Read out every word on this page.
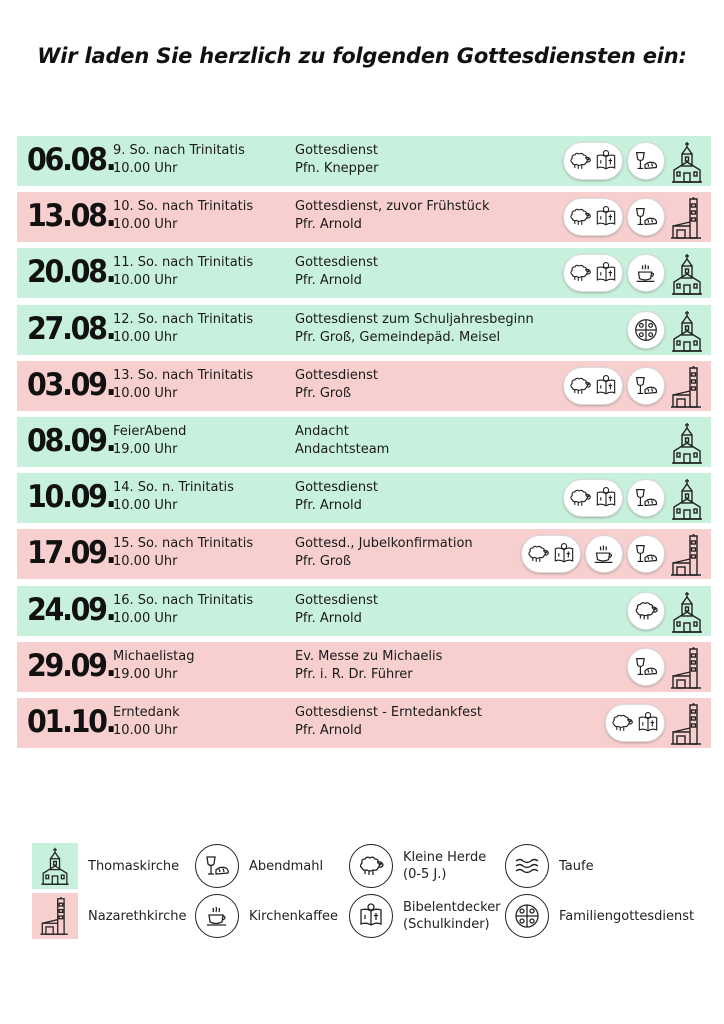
Wir laden Sie herzlich zu folgenden Gottesdiensten ein:
06.08.
9. So. nach Trinitatis
10.00 Uhr
Gottesdienst
Pfn. Knepper
13.08.
10. So. nach Trinitatis
10.00 Uhr
Gottesdienst, zuvor Frühstück
Pfr. Arnold
20.08.
11. So. nach Trinitatis
10.00 Uhr
Gottesdienst
Pfr. Arnold
27.08.
12. So. nach Trinitatis
10.00 Uhr
Gottesdienst zum Schuljahresbeginn
Pfr. Groß, Gemeindepäd. Meisel
03.09.
13. So. nach Trinitatis
10.00 Uhr
Gottesdienst
Pfr. Groß
08.09.
FeierAbend
19.00 Uhr
Andacht
Andachtsteam
10.09.
14. So. n. Trinitatis
10.00 Uhr
Gottesdienst
Pfr. Arnold
17.09.
15. So. nach Trinitatis
10.00 Uhr
Gottesd., Jubelkonfirmation
Pfr. Groß
24.09.
16. So. nach Trinitatis
10.00 Uhr
Gottesdienst
Pfr. Arnold
29.09.
Michaelistag
19.00 Uhr
Ev. Messe zu Michaelis
Pfr. i. R. Dr. Führer
01.10.
Erntedank
10.00 Uhr
Gottesdienst - Erntedankfest
Pfr. Arnold
Thomaskirche
Nazarethkirche
Abendmahl
Kirchenkaffee
Kleine Herde
(0-5 J.)
Bibelentdecker
(Schulkinder)
Taufe
Familiengottesdienst
